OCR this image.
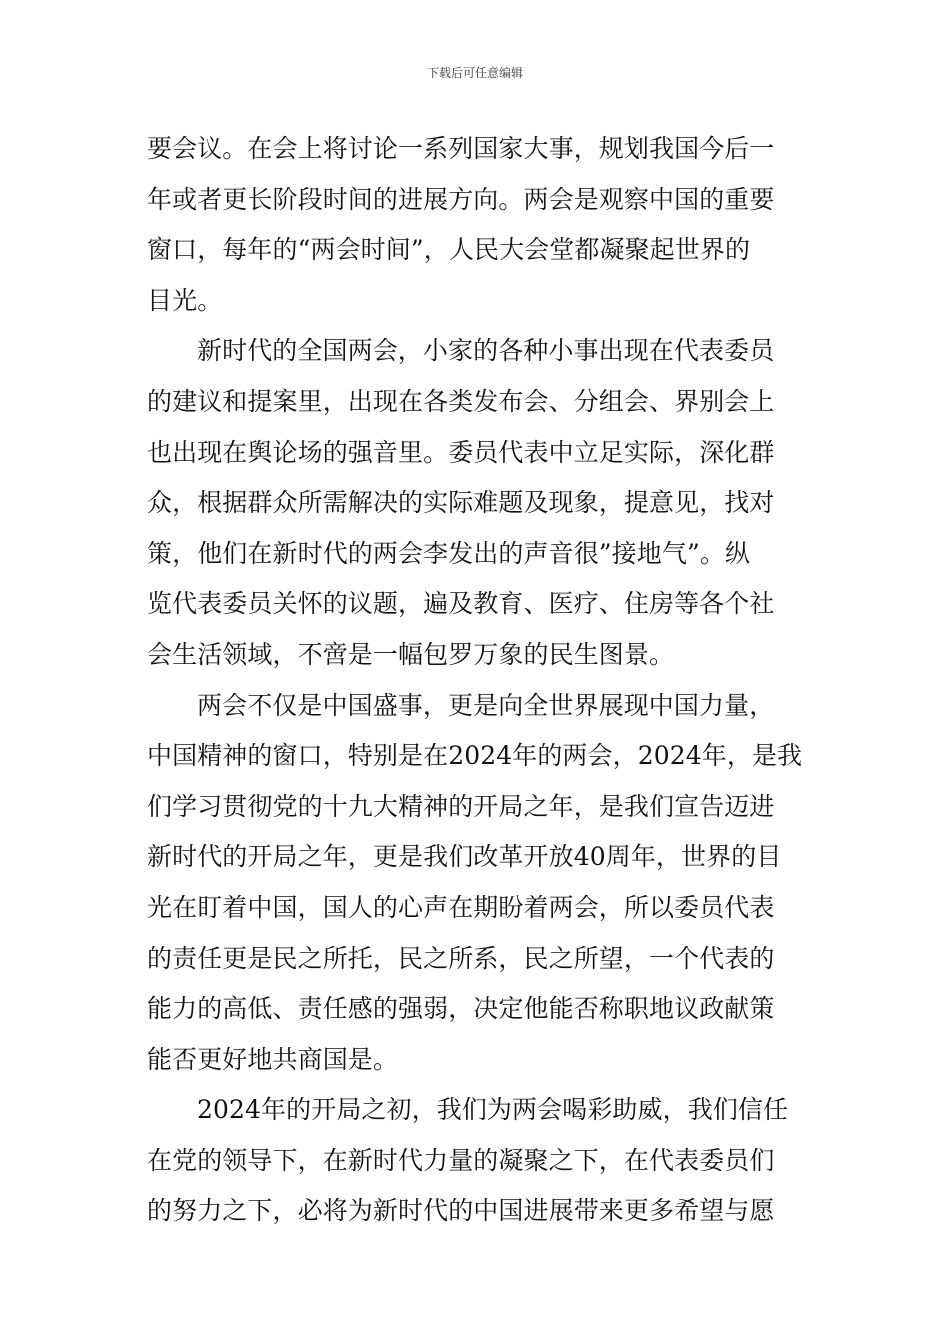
下载后可任意编辑
要会议。在会上将讨论一系列国家大事，规划我国今后一
年或者更长阶段时间的进展方向。两会是观察中国的重要
窗口，每年的“两会时间”，人民大会堂都凝聚起世界的
目光。
新时代的全国两会，小家的各种小事出现在代表委员
的建议和提案里，出现在各类发布会、分组会、界别会上
也出现在舆论场的强音里。委员代表中立足实际，深化群
众，根据群众所需解决的实际难题及现象，提意见，找对
策，他们在新时代的两会李发出的声音很”接地气”。纵
览代表委员关怀的议题，遍及教育、医疗、住房等各个社
会生活领域，不啻是一幅包罗万象的民生图景。
两会不仅是中国盛事，更是向全世界展现中国力量，
中国精神的窗口，特别是在2024年的两会，2024年，是我
们学习贯彻党的十九大精神的开局之年，是我们宣告迈进
新时代的开局之年，更是我们改革开放40周年，世界的目
光在盯着中国，国人的心声在期盼着两会，所以委员代表
的责任更是民之所托，民之所系，民之所望，一个代表的
能力的高低、责任感的强弱，决定他能否称职地议政献策
能否更好地共商国是。
2024年的开局之初，我们为两会喝彩助威，我们信任
在党的领导下，在新时代力量的凝聚之下，在代表委员们
的努力之下，必将为新时代的中国进展带来更多希望与愿
